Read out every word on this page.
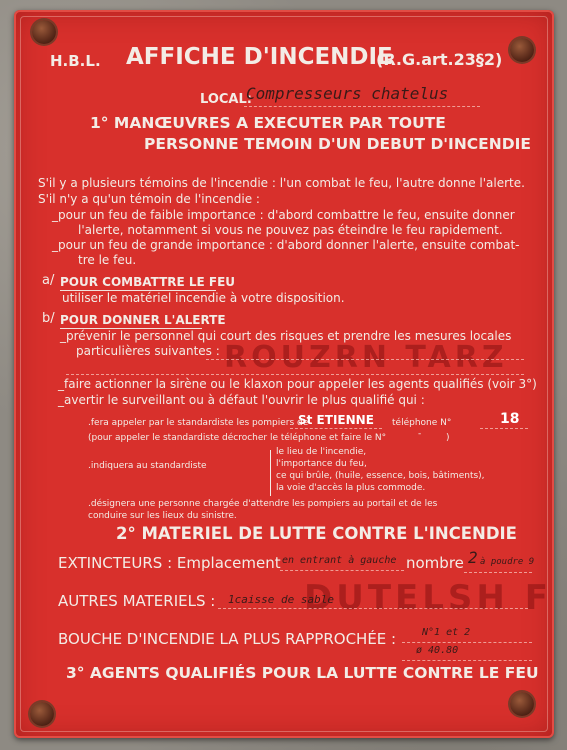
ROUZRN TARZ
DUTELSH F
H.B.L. AFFICHE D'INCENDIE
(R.G.art.23§2)
LOCAL:
Compresseurs chatelus
1° MANŒUVRES A EXECUTER PAR TOUTE
PERSONNE TEMOIN D'UN DEBUT D'INCENDIE
S'il y a plusieurs témoins de l'incendie : l'un combat le feu, l'autre donne l'alerte.
S'il n'y a qu'un témoin de l'incendie :
_pour un feu de faible importance : d'abord combattre le feu, ensuite donner
l'alerte, notamment si vous ne pouvez pas éteindre le feu rapidement.
_pour un feu de grande importance : d'abord donner l'alerte, ensuite combat-
tre le feu.
a/ POUR COMBATTRE LE FEU
utiliser le matériel incendie à votre disposition.
b/ POUR DONNER L'ALERTE
_prévenir le personnel qui court des risques et prendre les mesures locales
particulières suivantes :
_faire actionner la sirène ou le klaxon pour appeler les agents qualifiés (voir 3°)
_avertir le surveillant ou à défaut l'ouvrir le plus qualifié qui :
.fera appeler par le standardiste les pompiers de
St ETIENNE téléphone N°	18
(pour appeler le standardiste décrocher le téléphone et faire le N°	-	)
.indiquera au standardiste
le lieu de l'incendie,
l'importance du feu,
ce qui brûle, (huile, essence, bois, bâtiments),
la voie d'accès la plus commode.
.désignera une personne chargée d'attendre les pompiers au portail et de les
conduire sur les lieux du sinistre.
2° MATERIEL DE LUTTE CONTRE L'INCENDIE
EXTINCTEURS : Emplacement en entrant à gauche nombre 2 à poudre 9
AUTRES MATERIELS : 1caisse de sable
BOUCHE D'INCENDIE LA PLUS RAPPROCHÉE :	N°1 et 2
ø 40.80
3° AGENTS QUALIFIÉS POUR LA LUTTE CONTRE LE FEU
